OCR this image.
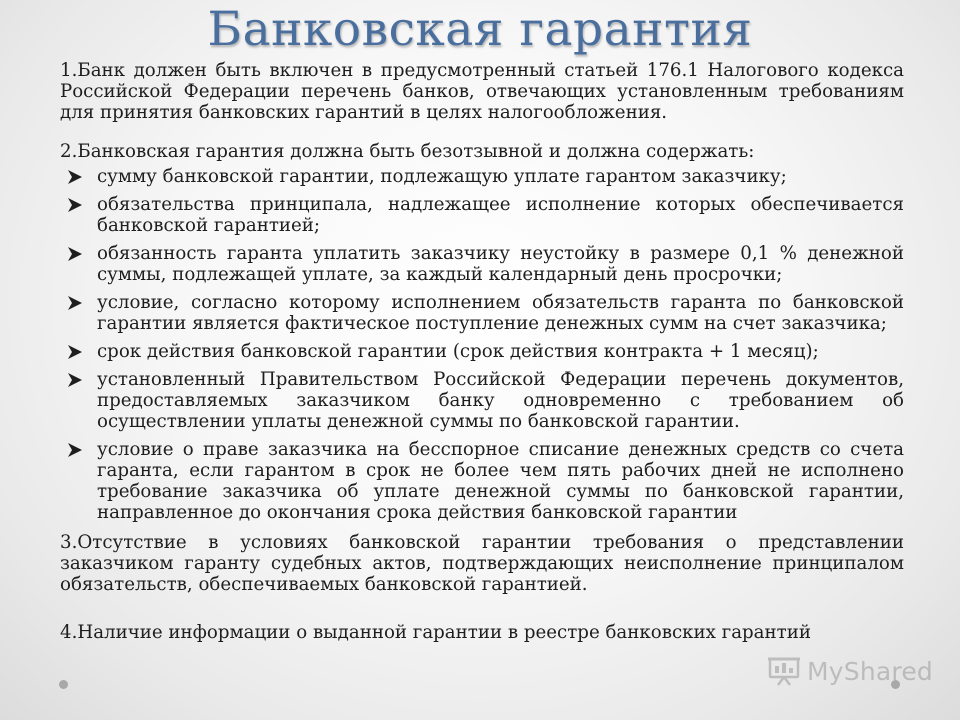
Банковская гарантия

1.Банк должен быть включен в предусмотренный статьей 176.1 Налогового кодекса Российской Федерации перечень банков, отвечающих установленным требованиям для принятия банковских гарантий в целях налогообложения.

2.Банковская гарантия должна быть безотзывной и должна содержать:

сумму банковской гарантии, подлежащую уплате гарантом заказчику;
обязательства принципала, надлежащее исполнение которых обеспечивается банковской гарантией;
обязанность гаранта уплатить заказчику неустойку в размере 0,1 % денежной суммы, подлежащей уплате, за каждый календарный день просрочки;
условие, согласно которому исполнением обязательств гаранта по банковской гарантии является фактическое поступление денежных сумм на счет заказчика;
срок действия банковской гарантии (срок действия контракта + 1 месяц);
установленный Правительством Российской Федерации перечень документов, предоставляемых заказчиком банку одновременно с требованием об осуществлении уплаты денежной суммы по банковской гарантии.
условие о праве заказчика на бесспорное списание денежных средств со счета гаранта, если гарантом в срок не более чем пять рабочих дней не исполнено требование заказчика об уплате денежной суммы по банковской гарантии, направленное до окончания срока действия банковской гарантии

3.Отсутствие в условиях банковской гарантии требования о представлении заказчиком гаранту судебных актов, подтверждающих неисполнение принципалом обязательств, обеспечиваемых банковской гарантией.

4.Наличие информации о выданной гарантии в реестре банковских гарантий

MyShared
